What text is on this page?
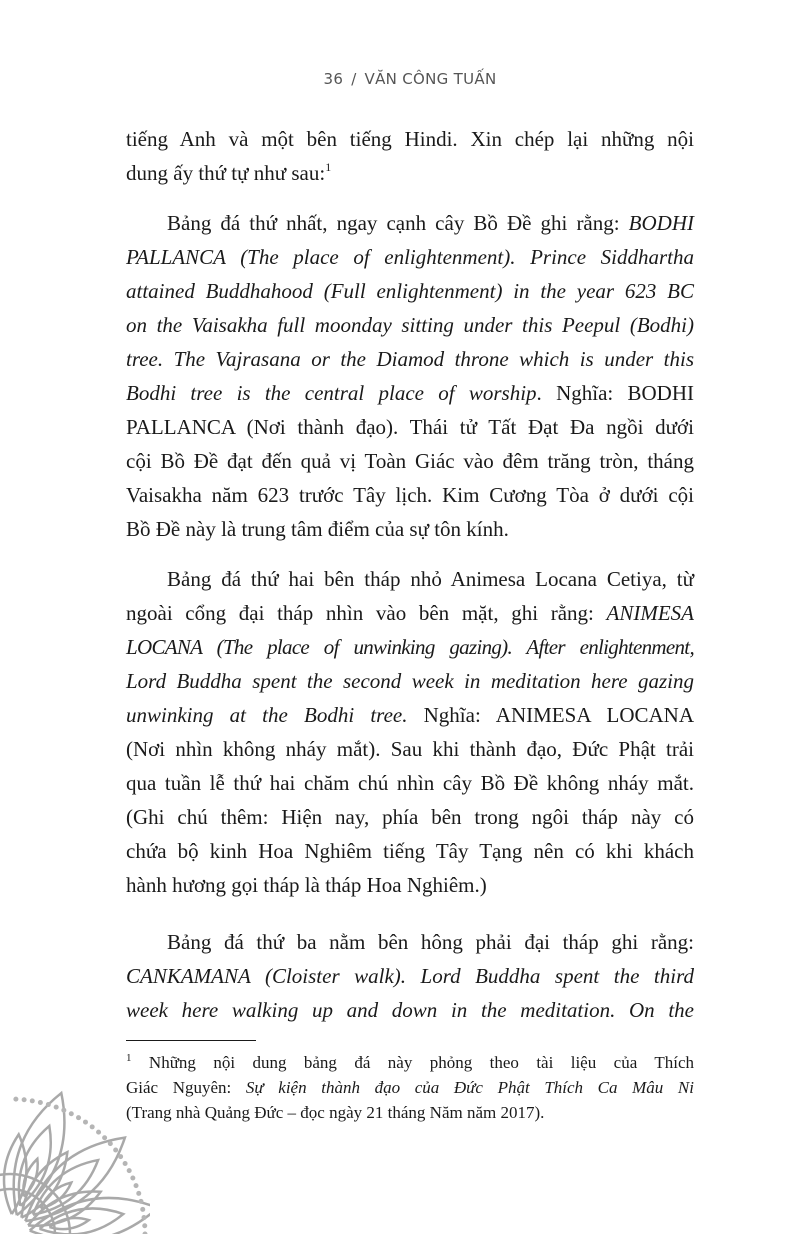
36 / VĂN CÔNG TUẤN
tiếng Anh và một bên tiếng Hindi. Xin chép lại những nội
dung ấy thứ tự như sau:$^1$
Bảng đá thứ nhất, ngay cạnh cây Bồ Đề ghi rằng: BODHI
PALLANCA (The place of enlightenment). Prince Siddhartha
attained Buddhahood (Full enlightenment) in the year 623 BC
on the Vaisakha full moonday sitting under this Peepul (Bodhi)
tree. The Vajrasana or the Diamod throne which is under this
Bodhi tree is the central place of worship. Nghĩa: BODHI
PALLANCA (Nơi thành đạo). Thái tử Tất Đạt Đa ngồi dưới
cội Bồ Đề đạt đến quả vị Toàn Giác vào đêm trăng tròn, tháng
Vaisakha năm 623 trước Tây lịch. Kim Cương Tòa ở dưới cội
Bồ Đề này là trung tâm điểm của sự tôn kính.
Bảng đá thứ hai bên tháp nhỏ Animesa Locana Cetiya, từ
ngoài cổng đại tháp nhìn vào bên mặt, ghi rằng: ANIMESA
LOCANA (The place of unwinking gazing). After enlightenment,
Lord Buddha spent the second week in meditation here gazing
unwinking at the Bodhi tree. Nghĩa: ANIMESA LOCANA
(Nơi nhìn không nháy mắt). Sau khi thành đạo, Đức Phật trải
qua tuần lễ thứ hai chăm chú nhìn cây Bồ Đề không nháy mắt.
(Ghi chú thêm: Hiện nay, phía bên trong ngôi tháp này có
chứa bộ kinh Hoa Nghiêm tiếng Tây Tạng nên có khi khách
hành hương gọi tháp là tháp Hoa Nghiêm.)
Bảng đá thứ ba nằm bên hông phải đại tháp ghi rằng:
CANKAMANA (Cloister walk). Lord Buddha spent the third
week here walking up and down in the meditation. On the
$^1$ Những nội dung bảng đá này phỏng theo tài liệu của Thích
Giác Nguyên: Sự kiện thành đạo của Đức Phật Thích Ca Mâu Ni
(Trang nhà Quảng Đức – đọc ngày 21 tháng Năm năm 2017).
